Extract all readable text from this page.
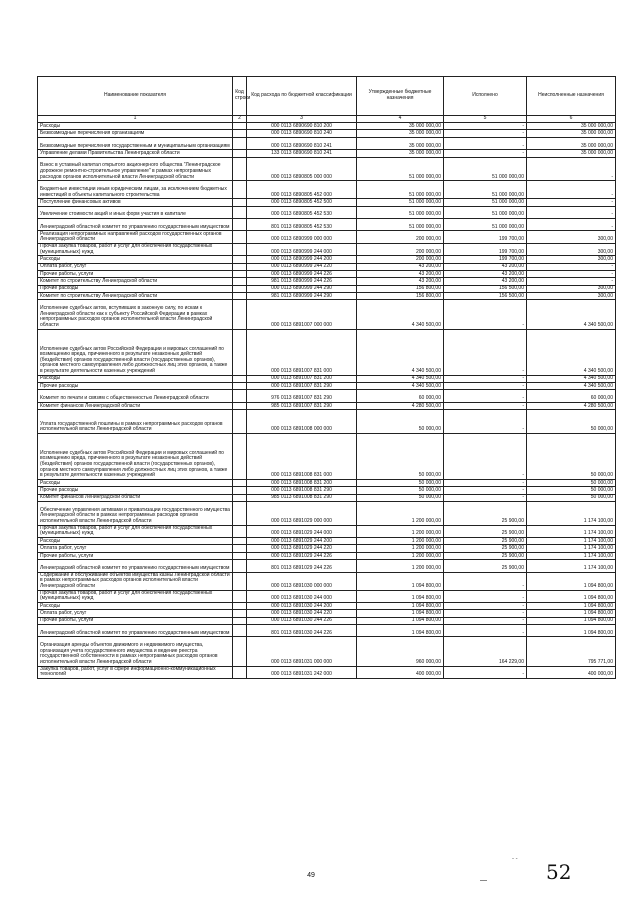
Наименование показателя	Код строки	Код расхода по бюджетной классификации	Утвержденные бюджетные назначения	Исполнено	Неисполненные назначения
1	2	3	4	5	6
Расходы		000 0113 6890690 810 200	35 000 000,00	-	35 000 000,00
Безвозмездные перечисления организациям		000 0113 6890690 810 240	35 000 000,00	-	35 000 000,00
Безвозмездные перечисления государственным и муниципальным организациям		000 0113 6890690 810 241	35 000 000,00	-	35 000 000,00
Управление делами Правительства Ленинградской области		133 0113 6890690 810 241	35 000 000,00	-	35 000 000,00
Взнос в уставный капитал открытого акционерного общества "Ленинградское дорожное ремонтно-строительное управление" в рамках непрограммных расходов органов исполнительной власти Ленинградской области		000 0113 6890805 000 000	51 000 000,00	51 000 000,00	-
Бюджетные инвестиции иным юридическим лицам, за исключением бюджетных инвестиций в объекты капитального строительства		000 0113 6890805 452 000	51 000 000,00	51 000 000,00	-
Поступление финансовых активов		000 0113 6890805 452 500	51 000 000,00	51 000 000,00	-
Увеличение стоимости акций и иных форм участия в капитале		000 0113 6890805 452 530	51 000 000,00	51 000 000,00	-
Ленинградский областной комитет по управлению государственным имуществом		801 0113 6890805 452 530	51 000 000,00	51 000 000,00	-
Реализация непрограммных направлений расходов государственных органов Ленинградской области		000 0113 6890999 000 000	200 000,00	199 700,00	300,00
Прочая закупка товаров, работ и услуг для обеспечения государственных (муниципальных) нужд		000 0113 6890999 244 000	200 000,00	199 700,00	300,00
Расходы		000 0113 6890999 244 200	200 000,00	199 700,00	300,00
Оплата работ, услуг		000 0113 6890999 244 220	43 200,00	43 200,00	-
Прочие работы, услуги		000 0113 6890999 244 226	43 200,00	43 200,00	-
Комитет по строительству Ленинградской области		981 0113 6890999 244 226	43 200,00	43 200,00	-
Прочие расходы		000 0113 6890999 244 290	156 800,00	156 500,00	300,00
Комитет по строительству Ленинградской области		981 0113 6890999 244 290	156 800,00	156 500,00	300,00
Исполнение судебных актов, вступивших в законную силу, по искам к Ленинградской области как к субъекту Российской Федерации в рамках непрограммных расходов органов исполнительной власти Ленинградской области		000 0113 6891007 000 000	4 340 500,00	-	4 340 500,00
Исполнение судебных актов Российской Федерации и мировых соглашений по возмещению вреда, причиненного в результате незаконных действий (бездействия) органов государственной власти (государственных органов), органов местного самоуправления либо должностных лиц этих органов, а также в результате деятельности казенных учреждений		000 0113 6891007 831 000	4 340 500,00	-	4 340 500,00
Расходы		000 0113 6891007 831 200	4 340 500,00	-	4 340 500,00
Прочие расходы		000 0113 6891007 831 290	4 340 500,00	-	4 340 500,00
Комитет по печати и связям с общественностью Ленинградской области		976 0113 6891007 831 290	60 000,00	-	60 000,00
Комитет финансов Ленинградской области		985 0113 6891007 831 290	4 280 500,00	-	4 280 500,00
Уплата государственной пошлины в рамках непрограммных расходов органов исполнительной власти Ленинградской области		000 0113 6891008 000 000	50 000,00	-	50 000,00
Исполнение судебных актов Российской Федерации и мировых соглашений по возмещению вреда, причиненного в результате незаконных действий (бездействия) органов государственной власти (государственных органов), органов местного самоуправления либо должностных лиц этих органов, а также в результате деятельности казенных учреждений		000 0113 6891008 831 000	50 000,00	-	50 000,00
Расходы		000 0113 6891008 831 200	50 000,00	-	50 000,00
Прочие расходы		000 0113 6891008 831 290	50 000,00	-	50 000,00
Комитет финансов Ленинградской области		985 0113 6891008 831 290	50 000,00	-	50 000,00
Обеспечение управления активами и приватизации государственного имущества Ленинградской области в рамках непрограммных расходов органов исполнительной власти Ленинградской области		000 0113 6891029 000 000	1 200 000,00	25 900,00	1 174 100,00
Прочая закупка товаров, работ и услуг для обеспечения государственных (муниципальных) нужд		000 0113 6891029 244 000	1 200 000,00	25 900,00	1 174 100,00
Расходы		000 0113 6891029 244 200	1 200 000,00	25 900,00	1 174 100,00
Оплата работ, услуг		000 0113 6891029 244 220	1 200 000,00	25 900,00	1 174 100,00
Прочие работы, услуги		000 0113 6891029 244 226	1 200 000,00	25 900,00	1 174 100,00
Ленинградский областной комитет по управлению государственным имуществом		801 0113 6891029 244 226	1 200 000,00	25 900,00	1 174 100,00
Содержание и обслуживание объектов имущества казны Ленинградской области в рамках непрограммных расходов органов исполнительной власти Ленинградской области		000 0113 6891030 000 000	1 094 800,00	-	1 094 800,00
Прочая закупка товаров, работ и услуг для обеспечения государственных (муниципальных) нужд		000 0113 6891030 244 000	1 094 800,00	-	1 094 800,00
Расходы		000 0113 6891030 244 200	1 094 800,00	-	1 094 800,00
Оплата работ, услуг		000 0113 6891030 244 220	1 094 800,00	-	1 094 800,00
Прочие работы, услуги		000 0113 6891030 244 226	1 094 800,00	-	1 094 800,00
Ленинградский областной комитет по управлению государственным имуществом		801 0113 6891030 244 226	1 094 800,00	-	1 094 800,00
Организация аренды объектов движимого и недвижимого имущества, организация учета государственного имущества и ведение реестра государственной собственности в рамках непрограммных расходов органов исполнительной власти Ленинградской области		000 0113 6891031 000 000	960 000,00	164 229,00	795 771,00
Закупка товаров, работ, услуг в сфере информационно-коммуникационных технологий		000 0113 6891031 242 000	400 000,00	-	400 000,00
49
- -
—	52
